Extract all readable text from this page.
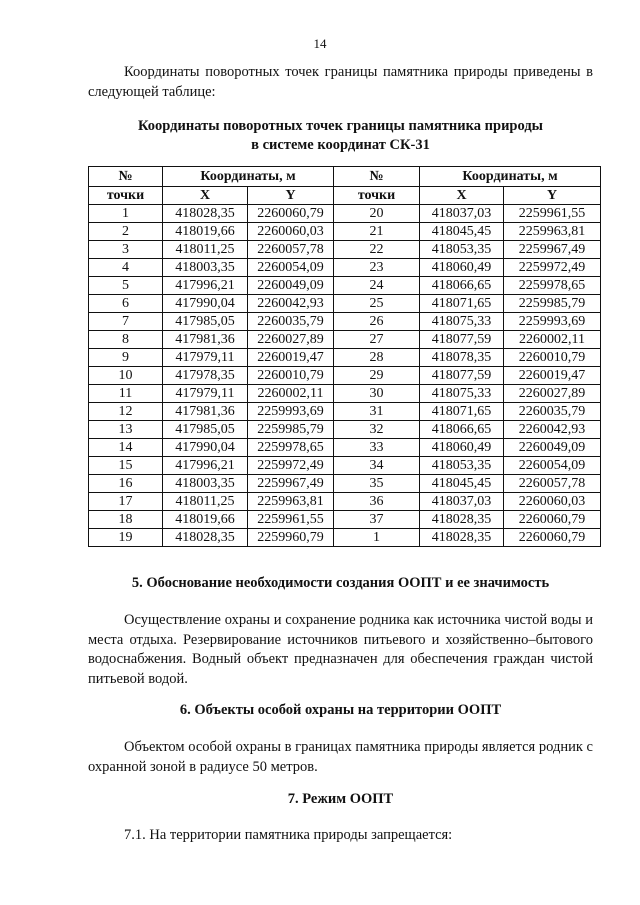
14

Координаты поворотных точек границы памятника природы приведены в следующей таблице:

Координаты поворотных точек границы памятника природы
в системе координат СК-31
№	Координаты, м		№	Координаты, м	
точки	X	Y	точки	X	Y
1	418028,35	2260060,79	20	418037,03	2259961,55
2	418019,66	2260060,03	21	418045,45	2259963,81
3	418011,25	2260057,78	22	418053,35	2259967,49
4	418003,35	2260054,09	23	418060,49	2259972,49
5	417996,21	2260049,09	24	418066,65	2259978,65
6	417990,04	2260042,93	25	418071,65	2259985,79
7	417985,05	2260035,79	26	418075,33	2259993,69
8	417981,36	2260027,89	27	418077,59	2260002,11
9	417979,11	2260019,47	28	418078,35	2260010,79
10	417978,35	2260010,79	29	418077,59	2260019,47
11	417979,11	2260002,11	30	418075,33	2260027,89
12	417981,36	2259993,69	31	418071,65	2260035,79
13	417985,05	2259985,79	32	418066,65	2260042,93
14	417990,04	2259978,65	33	418060,49	2260049,09
15	417996,21	2259972,49	34	418053,35	2260054,09
16	418003,35	2259967,49	35	418045,45	2260057,78
17	418011,25	2259963,81	36	418037,03	2260060,03
18	418019,66	2259961,55	37	418028,35	2260060,79
19	418028,35	2259960,79	1	418028,35	2260060,79
5. Обоснование необходимости создания ООПТ и ее значимость

Осуществление охраны и сохранение родника как источника чистой воды и места отдыха. Резервирование источников питьевого и хозяйственно–бытового водоснабжения. Водный объект предназначен для обеспечения граждан чистой питьевой водой.

6. Объекты особой охраны на территории ООПТ

Объектом особой охраны в границах памятника природы является родник с охранной зоной в радиусе 50 метров.

7. Режим ООПТ

7.1. На территории памятника природы запрещается:
